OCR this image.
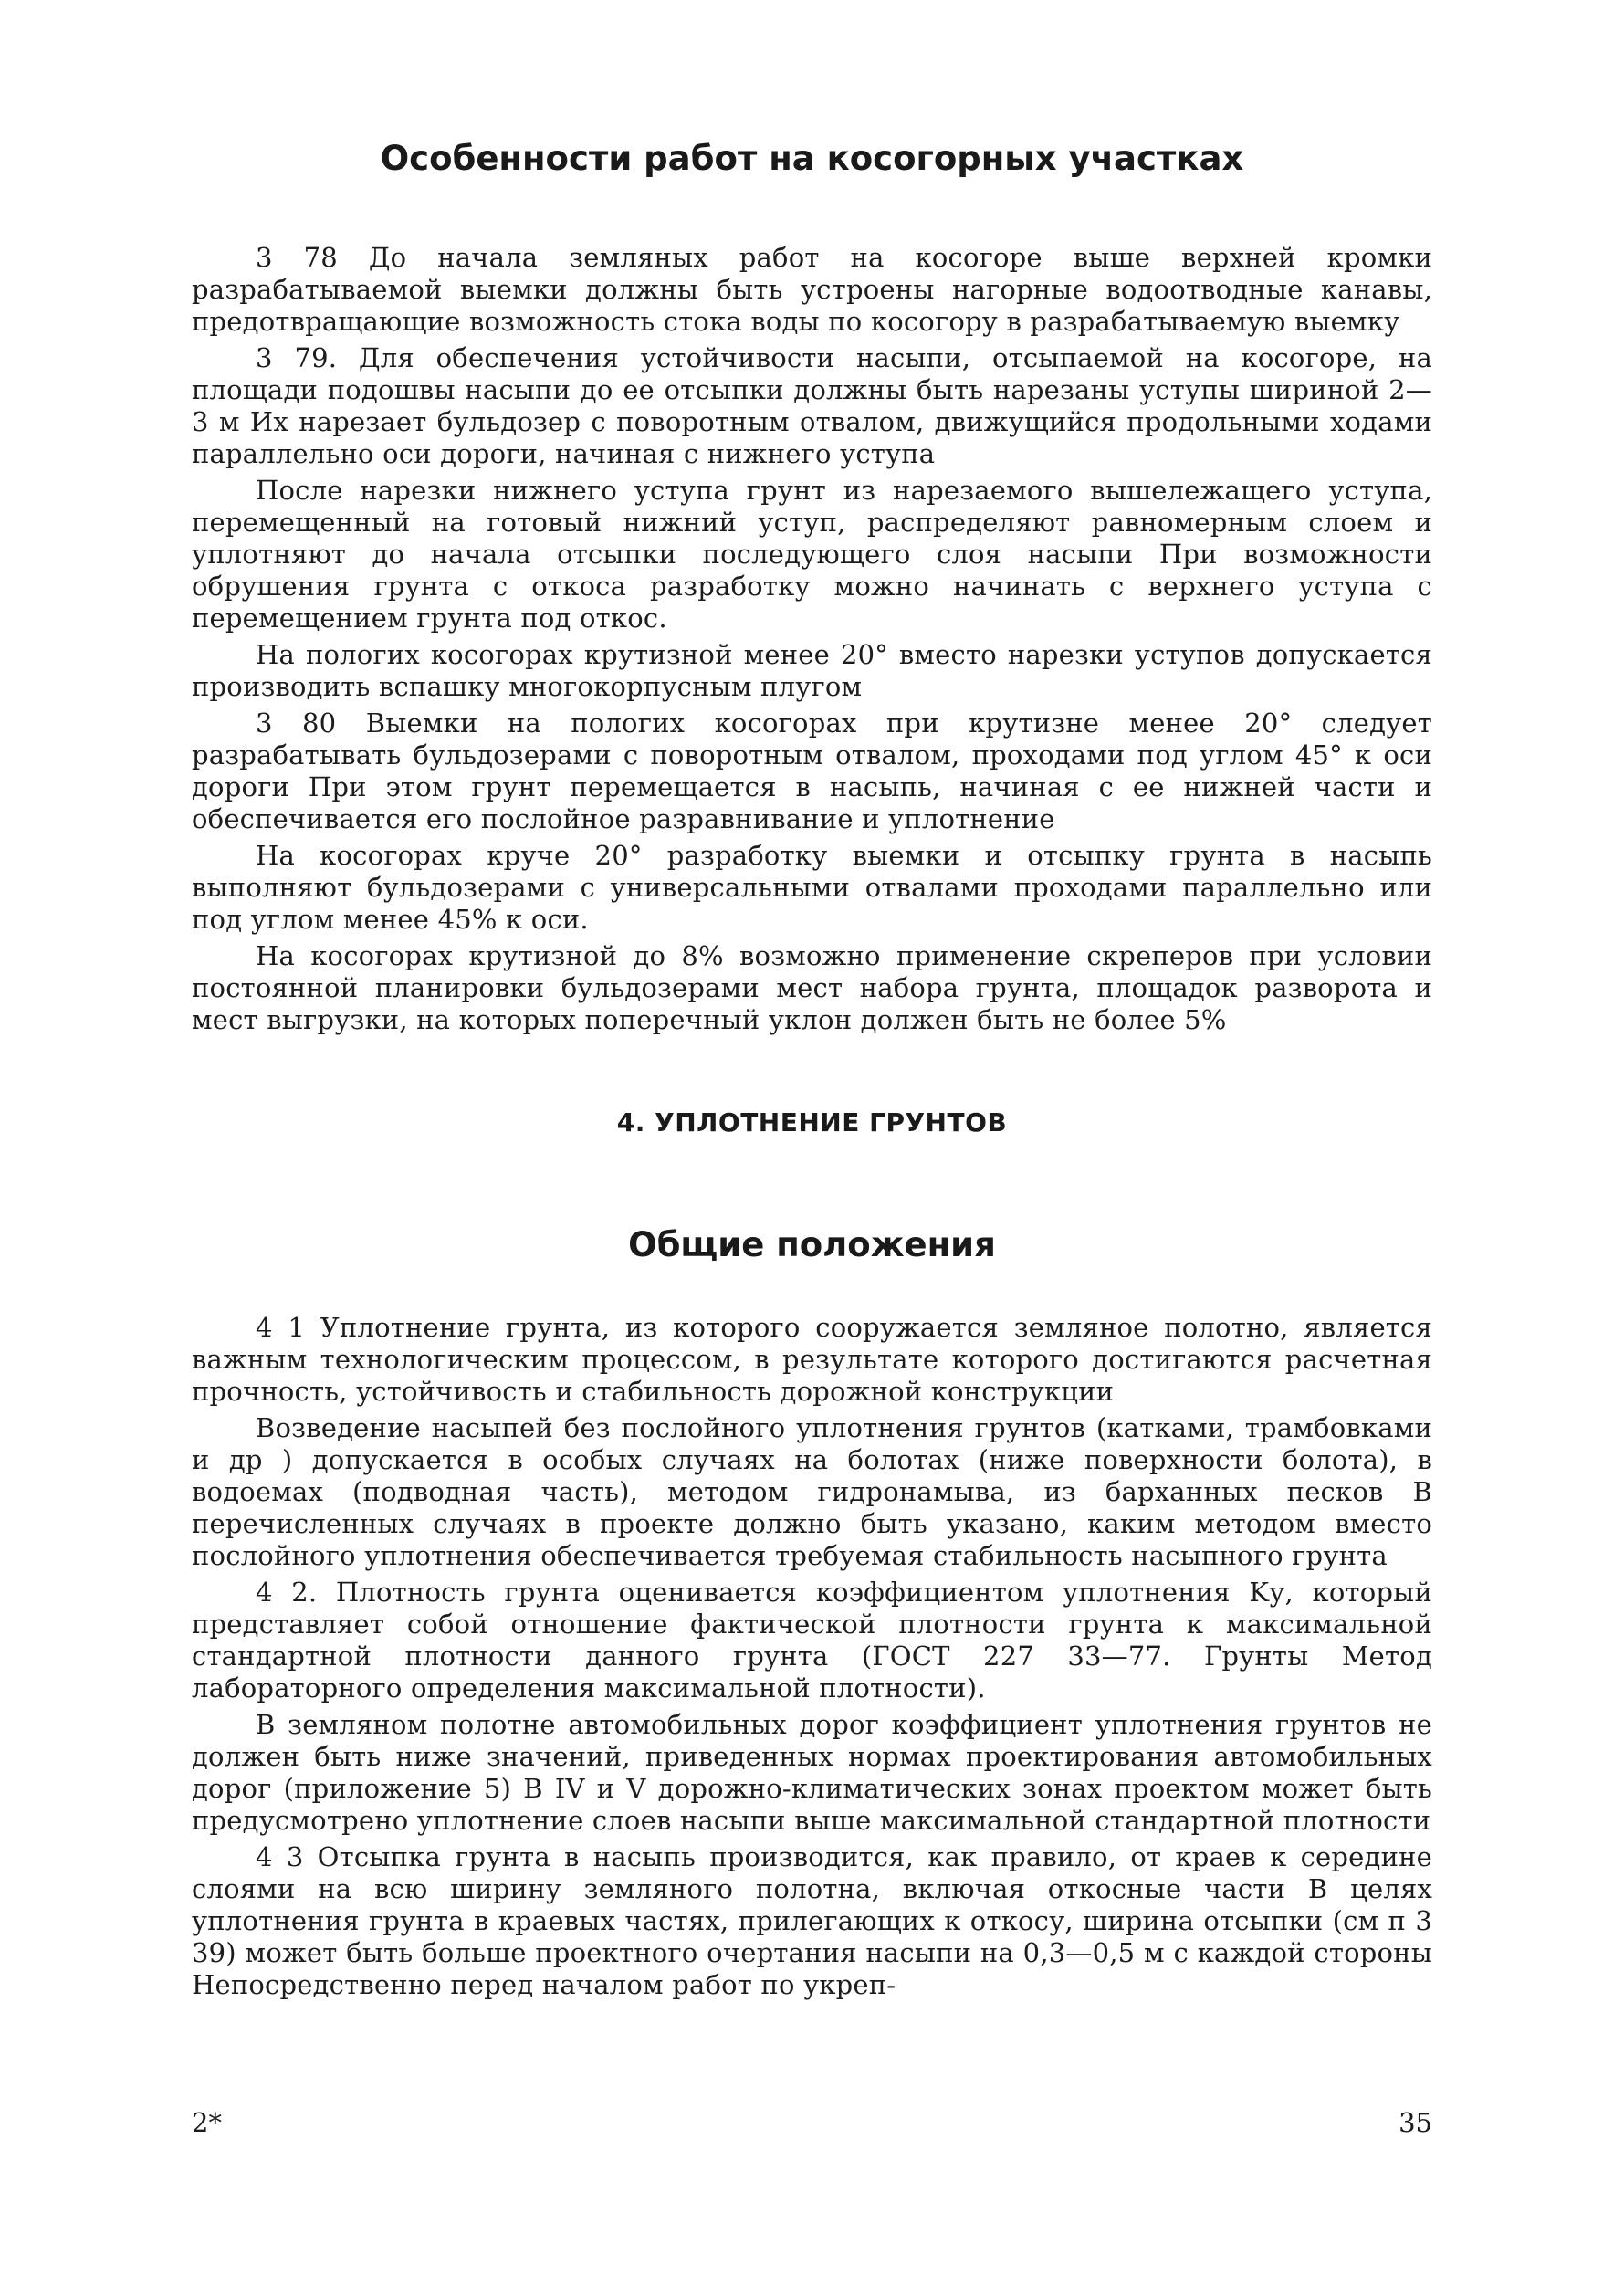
Особенности работ на косогорных участках

3 78 До начала земляных работ на косогоре выше верхней кромки разрабатываемой выемки должны быть устроены нагорные водоотводные канавы, предотвращающие возможность стока воды по косогору в разрабатываемую выемку

3 79. Для обеспечения устойчивости насыпи, отсыпаемой на косогоре, на площади подошвы насыпи до ее отсыпки должны быть нарезаны уступы шириной 2—3 м Их нарезает бульдозер с поворотным отвалом, движущийся продольными ходами параллельно оси дороги, начиная с нижнего уступа

После нарезки нижнего уступа грунт из нарезаемого вышележащего уступа, перемещенный на готовый нижний уступ, распределяют равномерным слоем и уплотняют до начала отсыпки последующего слоя насыпи При возможности обрушения грунта с откоса разработку можно начинать с верхнего уступа с перемещением грунта под откос.

На пологих косогорах крутизной менее 20° вместо нарезки уступов допускается производить вспашку многокорпусным плугом

3 80 Выемки на пологих косогорах при крутизне менее 20° следует разрабатывать бульдозерами с поворотным отвалом, проходами под углом 45° к оси дороги При этом грунт перемещается в насыпь, начиная с ее нижней части и обеспечивается его послойное разравнивание и уплотнение

На косогорах круче 20° разработку выемки и отсыпку грунта в насыпь выполняют бульдозерами с универсальными отвалами проходами параллельно или под углом менее 45% к оси.

На косогорах крутизной до 8% возможно применение скреперов при условии постоянной планировки бульдозерами мест набора грунта, площадок разворота и мест выгрузки, на которых поперечный уклон должен быть не более 5%

4. УПЛОТНЕНИЕ ГРУНТОВ
Общие положения

4 1 Уплотнение грунта, из которого сооружается земляное полотно, является важным технологическим процессом, в результате которого достигаются расчетная прочность, устойчивость и стабильность дорожной конструкции

Возведение насыпей без послойного уплотнения грунтов (катками, трамбовками и др ) допускается в особых случаях на болотах (ниже поверхности болота), в водоемах (подводная часть), методом гидронамыва, из барханных песков В перечисленных случаях в проекте должно быть указано, каким методом вместо послойного уплотнения обеспечивается требуемая стабильность насыпного грунта

4 2. Плотность грунта оценивается коэффициентом уплотнения Kу, который представляет собой отношение фактической плотности грунта к максимальной стандартной плотности данного грунта (ГОСТ 227 33—77. Грунты Метод лабораторного определения максимальной плотности).

В земляном полотне автомобильных дорог коэффициент уплотнения грунтов не должен быть ниже значений, приведенных нормах проектирования автомобильных дорог (приложение 5) В IV и V дорожно-климатических зонах проектом может быть предусмотрено уплотнение слоев насыпи выше максимальной стандартной плотности

4 3 Отсыпка грунта в насыпь производится, как правило, от краев к середине слоями на всю ширину земляного полотна, включая откосные части В целях уплотнения грунта в краевых частях, прилегающих к откосу, ширина отсыпки (см п 3 39) может быть больше проектного очертания насыпи на 0,3—0,5 м с каждой стороны Непосредственно перед началом работ по укреп-

2*	35
